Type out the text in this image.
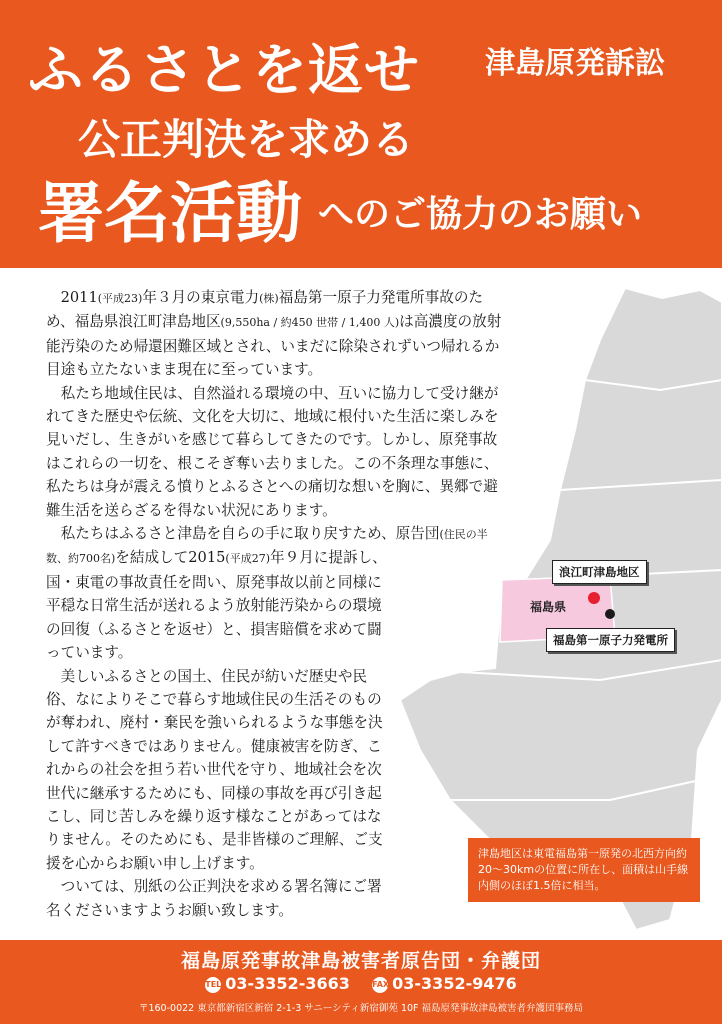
ふるさとを返せ 津島原発訴訟
公正判決を求める
署名活動 へのご協力のお願い

2011(平成23)年３月の東京電力(株)福島第一原子力発電所事故のため、福島県浪江町津島地区(9,550ha / 約450 世帯 / 1,400 人)は高濃度の放射能汚染のため帰還困難区域とされ、いまだに除染されずいつ帰れるか目途も立たないまま現在に至っています。

私たち地域住民は、自然溢れる環境の中、互いに協力して受け継がれてきた歴史や伝統、文化を大切に、地域に根付いた生活に楽しみを見いだし、生きがいを感じて暮らしてきたのです。しかし、原発事故はこれらの一切を、根こそぎ奪い去りました。この不条理な事態に、私たちは身が震える憤りとふるさとへの痛切な想いを胸に、異郷で避難生活を送らざるを得ない状況にあります。

私たちはふるさと津島を自らの手に取り戻すため、原告団(住民の半数、約700名)を結成して2015(平成27)年９月に提訴し、

国・東電の事故責任を問い、原発事故以前と同様に平穏な日常生活が送れるよう放射能汚染からの環境の回復（ふるさとを返せ）と、損害賠償を求めて闘っています。

美しいふるさとの国土、住民が紡いだ歴史や民俗、なによりそこで暮らす地域住民の生活そのものが奪われ、廃村・棄民を強いられるような事態を決して許すべきではありません。健康被害を防ぎ、これからの社会を担う若い世代を守り、地域社会を次世代に継承するためにも、同様の事故を再び引き起こし、同じ苦しみを繰り返す様なことがあってはなりません。そのためにも、是非皆様のご理解、ご支援を心からお願い申し上げます。

ついては、別紙の公正判決を求める署名簿にご署名くださいますようお願い致します。

福島県
浪江町津島地区
福島第一原子力発電所
津島地区は東電福島第一原発の北西方向約20〜30kmの位置に所在し、面積は山手線内側のほぼ1.5倍に相当。
福島原発事故津島被害者原告団・弁護団
TEL 03-3352-3663	FAX 03-3352-9476
〒160-0022 東京都新宿区新宿 2-1-3 サニーシティ新宿御苑 10F 福島原発事故津島被害者弁護団事務局
